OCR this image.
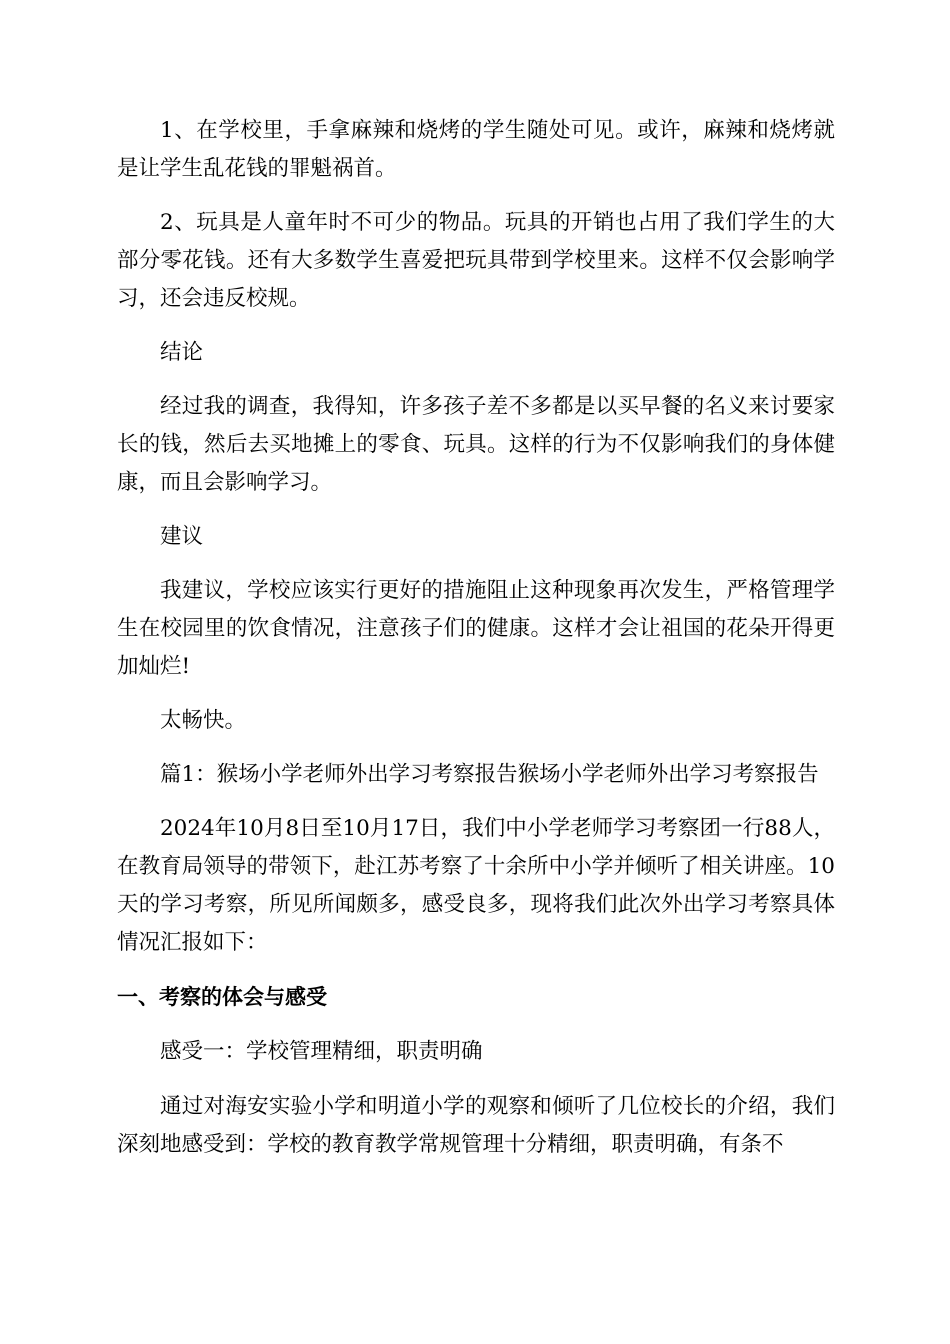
1、在学校里，手拿麻辣和烧烤的学生随处可见。或许，麻辣和烧烤就是让学生乱花钱的罪魁祸首。

2、玩具是人童年时不可少的物品。玩具的开销也占用了我们学生的大部分零花钱。还有大多数学生喜爱把玩具带到学校里来。这样不仅会影响学习，还会违反校规。

结论

经过我的调查，我得知，许多孩子差不多都是以买早餐的名义来讨要家长的钱，然后去买地摊上的零食、玩具。这样的行为不仅影响我们的身体健康，而且会影响学习。

建议

我建议，学校应该实行更好的措施阻止这种现象再次发生，严格管理学生在校园里的饮食情况，注意孩子们的健康。这样才会让祖国的花朵开得更加灿烂!

太畅快。

篇1：猴场小学老师外出学习考察报告猴场小学老师外出学习考察报告

2024年10月8日至10月17日，我们中小学老师学习考察团一行88人，在教育局领导的带领下，赴江苏考察了十余所中小学并倾听了相关讲座。10天的学习考察，所见所闻颇多，感受良多，现将我们此次外出学习考察具体情况汇报如下：

一、考察的体会与感受

感受一：学校管理精细，职责明确

通过对海安实验小学和明道小学的观察和倾听了几位校长的介绍，我们深刻地感受到：学校的教育教学常规管理十分精细，职责明确，有条不
